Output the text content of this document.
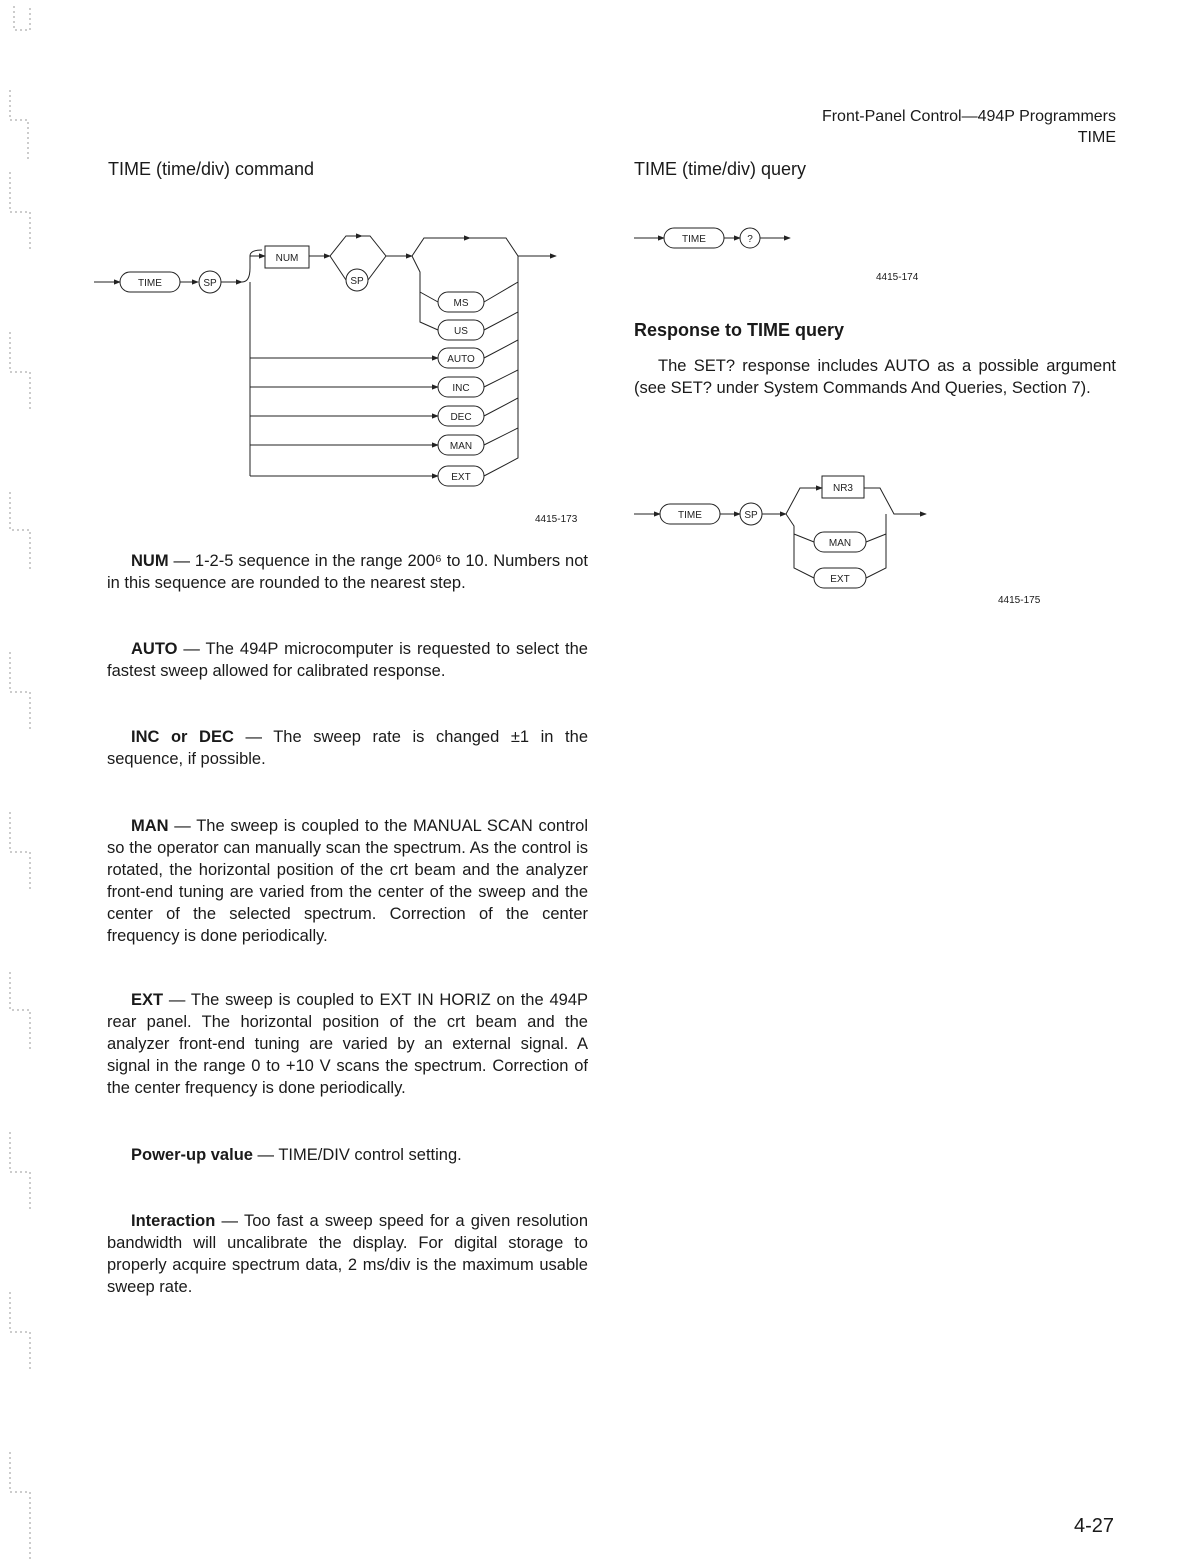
Front-Panel Control—494P Programmers
TIME
TIME (time/div) command
TIME	SP
NUM
SP
MS
US
AUTO
INC
DEC
MAN
EXT
4415-173
NUM — 1-2-5 sequence in the range 200⁶ to 10. Numbers not in this sequence are rounded to the nearest step.
AUTO — The 494P microcomputer is requested to select the fastest sweep allowed for calibrated response.
INC or DEC — The sweep rate is changed ±1 in the sequence, if possible.
MAN — The sweep is coupled to the MANUAL SCAN control so the operator can manually scan the spectrum. As the control is rotated, the horizontal position of the crt beam and the analyzer front-end tuning are varied from the center of the sweep and the center of the selected spectrum. Correction of the center frequency is done periodically.
EXT — The sweep is coupled to EXT IN HORIZ on the 494P rear panel. The horizontal position of the crt beam and the analyzer front-end tuning are varied by an external signal. A signal in the range 0 to +10 V scans the spectrum. Correction of the center frequency is done periodically.
Power-up value — TIME/DIV control setting.
Interaction — Too fast a sweep speed for a given resolution bandwidth will uncalibrate the display. For digital storage to properly acquire spectrum data, 2 ms/div is the maximum usable sweep rate.
TIME (time/div) query
TIME	?
4415-174
Response to TIME query
The SET? response includes AUTO as a possible argument (see SET? under System Commands And Queries, Section 7).
TIME	SP
NR3
MAN
EXT
4415-175
4-27
